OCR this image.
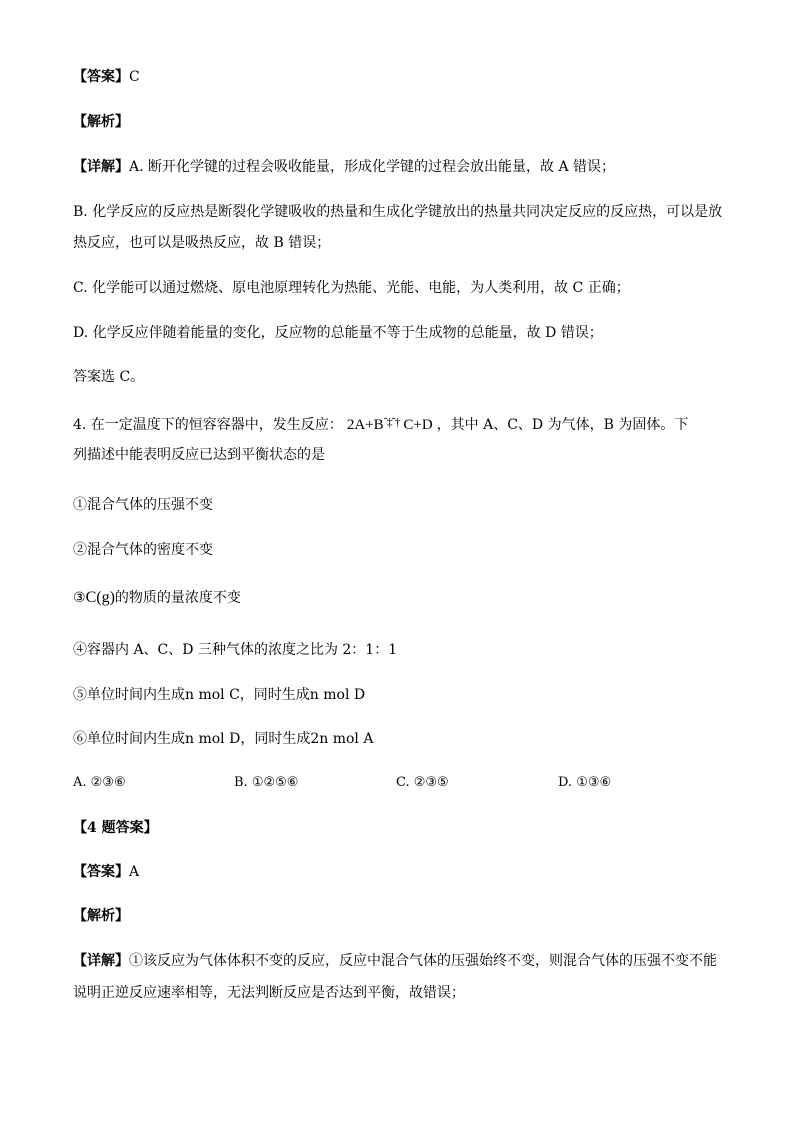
【答案】C

【解析】

【详解】A. 断开化学键的过程会吸收能量，形成化学键的过程会放出能量，故 A 错误；

B. 化学反应的反应热是断裂化学键吸收的热量和生成化学键放出的热量共同决定反应的反应热，可以是放

热反应，也可以是吸热反应，故 B 错误；

C. 化学能可以通过燃烧、原电池原理转化为热能、光能、电能，为人类利用，故 C 正确；

D. 化学反应伴随着能量的变化，反应物的总能量不等于生成物的总能量，故 D 错误；

答案选 C。

4. 在一定温度下的恒容容器中，发生反应： $2A+B^{ˆ\ddagger ˆ\dagger}$ C+D ，其中 A、C、D 为气体，B 为固体。下

列描述中能表明反应已达到平衡状态的是

①混合气体的压强不变

②混合气体的密度不变

③C(g)的物质的量浓度不变

④容器内 A、C、D 三种气体的浓度之比为 2：1：1

⑤单位时间内生成n mol C，同时生成n mol D

⑥单位时间内生成n mol D，同时生成2n mol A

A. ②③⑥	B. ①②⑤⑥	C. ②③⑤	D. ①③⑥

【4 题答案】

【答案】A

【解析】

【详解】①该反应为气体体积不变的反应，反应中混合气体的压强始终不变，则混合气体的压强不变不能

说明正逆反应速率相等，无法判断反应是否达到平衡，故错误；
